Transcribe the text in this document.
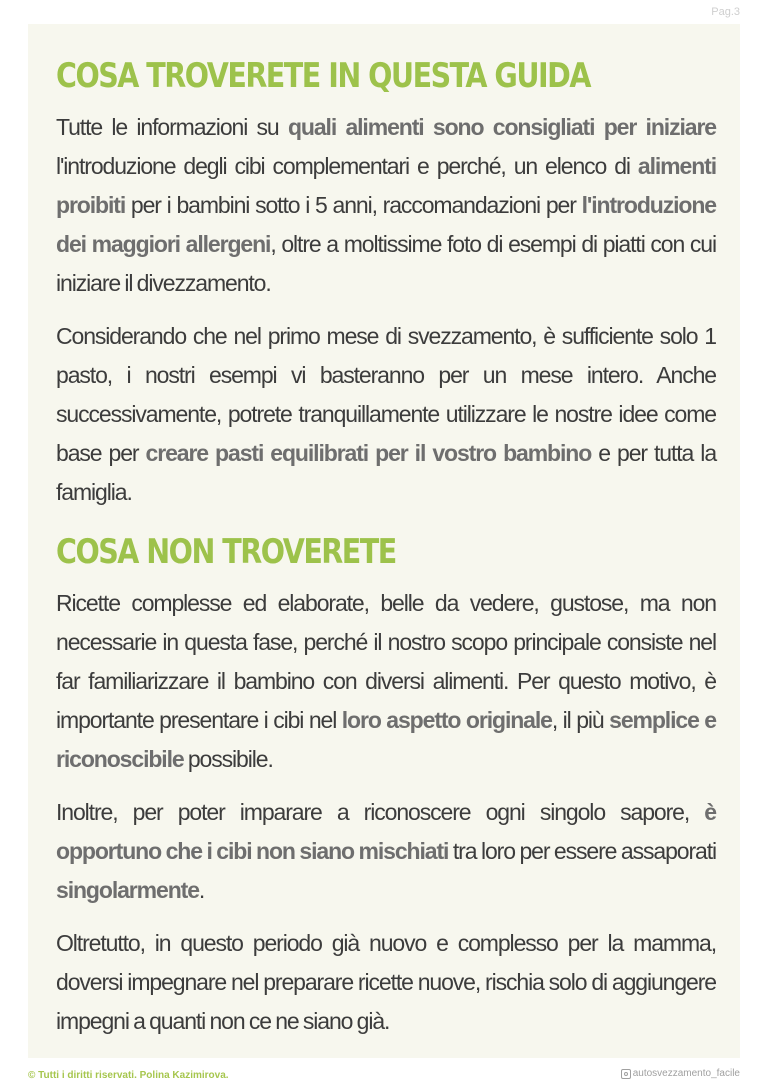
Pag.3
COSA TROVERETE IN QUESTA GUIDA

Tutte le informazioni su quali alimenti sono consigliati per iniziare l'introduzione degli cibi complementari e perché, un elenco di alimenti proibiti per i bambini sotto i 5 anni, raccomandazioni per l'introduzione dei maggiori allergeni, oltre a moltissime foto di esempi di piatti con cui iniziare il divezzamento.

Considerando che nel primo mese di svezzamento, è sufficiente solo 1 pasto, i nostri esempi vi basteranno per un mese intero. Anche successivamente, potrete tranquillamente utilizzare le nostre idee come base per creare pasti equilibrati per il vostro bambino e per tutta la famiglia.

COSA NON TROVERETE

Ricette complesse ed elaborate, belle da vedere, gustose, ma non necessarie in questa fase, perché il nostro scopo principale consiste nel far familiarizzare il bambino con diversi alimenti. Per questo motivo, è importante presentare i cibi nel loro aspetto originale, il più semplice e riconoscibile possibile.

Inoltre, per poter imparare a riconoscere ogni singolo sapore, è opportuno che i cibi non siano mischiati tra loro per essere assaporati singolarmente.

Oltretutto, in questo periodo già nuovo e complesso per la mamma, doversi impegnare nel preparare ricette nuove, rischia solo di aggiungere impegni a quanti non ce ne siano già.

© Tutti i diritti riservati. Polina Kazimirova.	autosvezzamento_facile
